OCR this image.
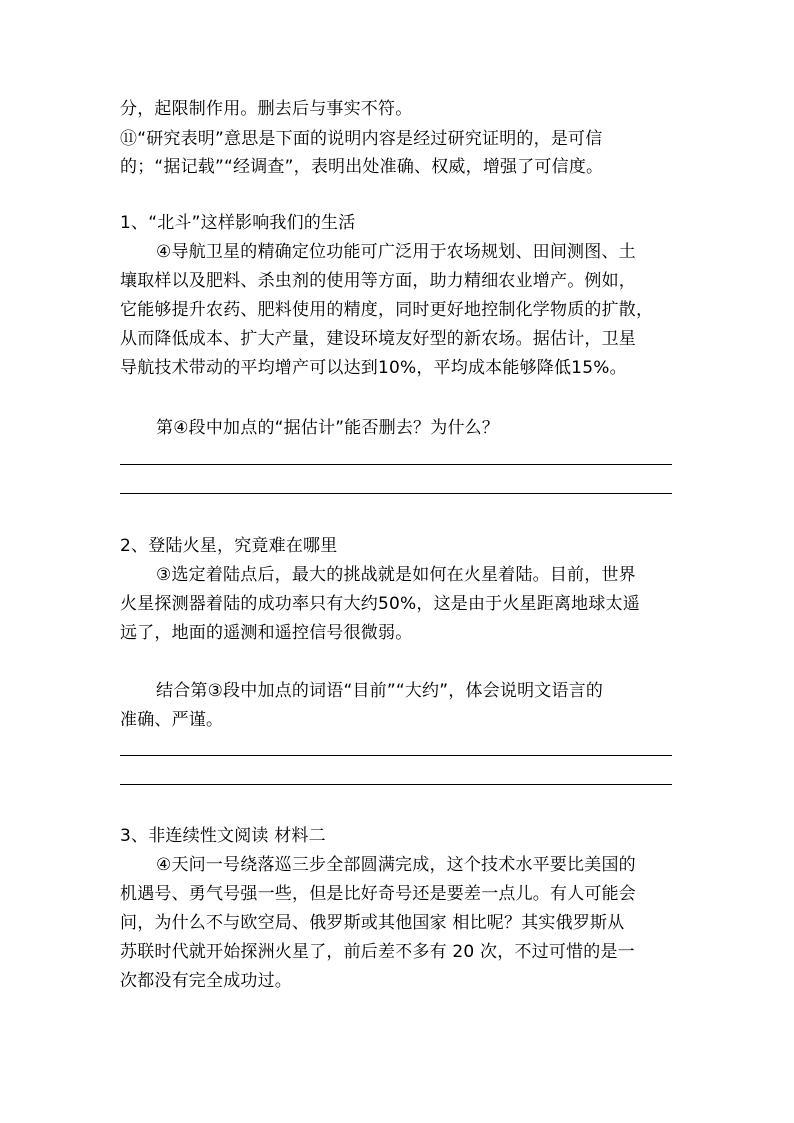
分，起限制作用。删去后与事实不符。
⑪“研究表明”意思是下面的说明内容是经过研究证明的，是可信
的；“据记载”“经调查”，表明出处准确、权威，增强了可信度。
1、“北斗”这样影响我们的生活
④导航卫星的精确定位功能可广泛用于农场规划、田间测图、土
壤取样以及肥料、杀虫剂的使用等方面，助力精细农业增产。例如，
它能够提升农药、肥料使用的精度，同时更好地控制化学物质的扩散，
从而降低成本、扩大产量，建设环境友好型的新农场。据估计，卫星
导航技术带动的平均增产可以达到10%，平均成本能够降低15%。
第④段中加点的“据估计”能否删去？为什么？
2、登陆火星，究竟难在哪里
③选定着陆点后，最大的挑战就是如何在火星着陆。目前，世界
火星探测器着陆的成功率只有大约50%，这是由于火星距离地球太遥
远了，地面的遥测和遥控信号很微弱。
结合第③段中加点的词语“目前”“大约”，体会说明文语言的
准确、严谨。
3、非连续性文阅读 材料二
④天问一号绕落巡三步全部圆满完成，这个技术水平要比美国的
机遇号、勇气号强一些，但是比好奇号还是要差一点儿。有人可能会
问，为什么不与欧空局、俄罗斯或其他国家 相比呢？其实俄罗斯从
苏联时代就开始探洲火星了，前后差不多有 20 次，不过可惜的是一
次都没有完全成功过。
